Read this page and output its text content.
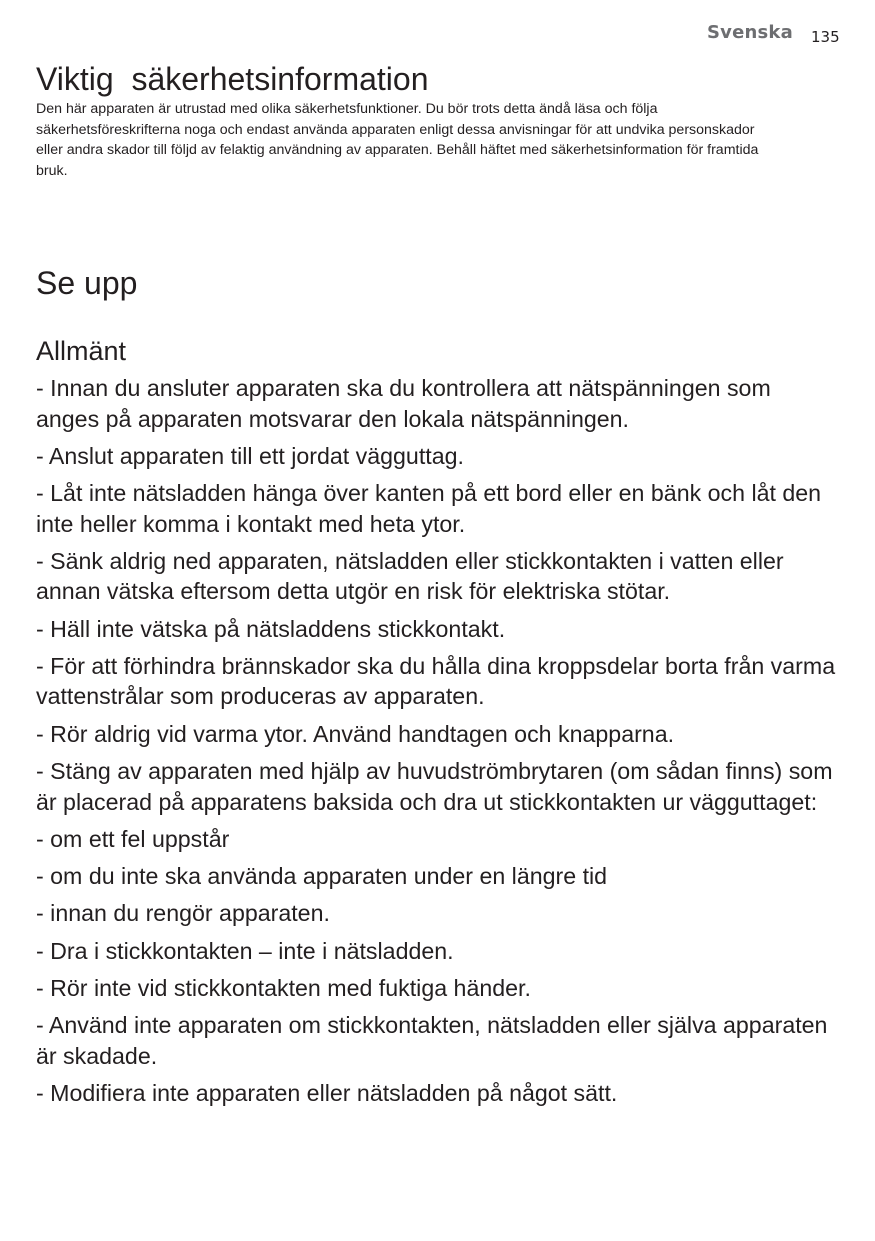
Svenska 135
Viktig  säkerhetsinformation

Den här apparaten är utrustad med olika säkerhetsfunktioner. Du bör trots detta ändå läsa och följa säkerhetsföreskrifterna noga och endast använda apparaten enligt dessa anvisningar för att undvika personskador eller andra skador till följd av felaktig användning av apparaten. Behåll häftet med säkerhetsinformation för framtida bruk.

Se upp
Allmänt
- Innan du ansluter apparaten ska du kontrollera att nätspänningen som anges på apparaten motsvarar den lokala nätspänningen.
- Anslut apparaten till ett jordat vägguttag.
- Låt inte nätsladden hänga över kanten på ett bord eller en bänk och låt den inte heller komma i kontakt med heta ytor.
- Sänk aldrig ned apparaten, nätsladden eller stickkontakten i vatten eller annan vätska eftersom detta utgör en risk för elektriska stötar.
- Häll inte vätska på nätsladdens stickkontakt.
- För att förhindra brännskador ska du hålla dina kroppsdelar borta från varma vattenstrålar som produceras av apparaten.
- Rör aldrig vid varma ytor. Använd handtagen och knapparna.
- Stäng av apparaten med hjälp av huvudströmbrytaren (om sådan finns) som är placerad på apparatens baksida och dra ut stickkontakten ur vägguttaget:
- om ett fel uppstår
- om du inte ska använda apparaten under en längre tid
- innan du rengör apparaten.
- Dra i stickkontakten – inte i nätsladden.
- Rör inte vid stickkontakten med fuktiga händer.
- Använd inte apparaten om stickkontakten, nätsladden eller själva apparaten är skadade.
- Modifiera inte apparaten eller nätsladden på något sätt.
